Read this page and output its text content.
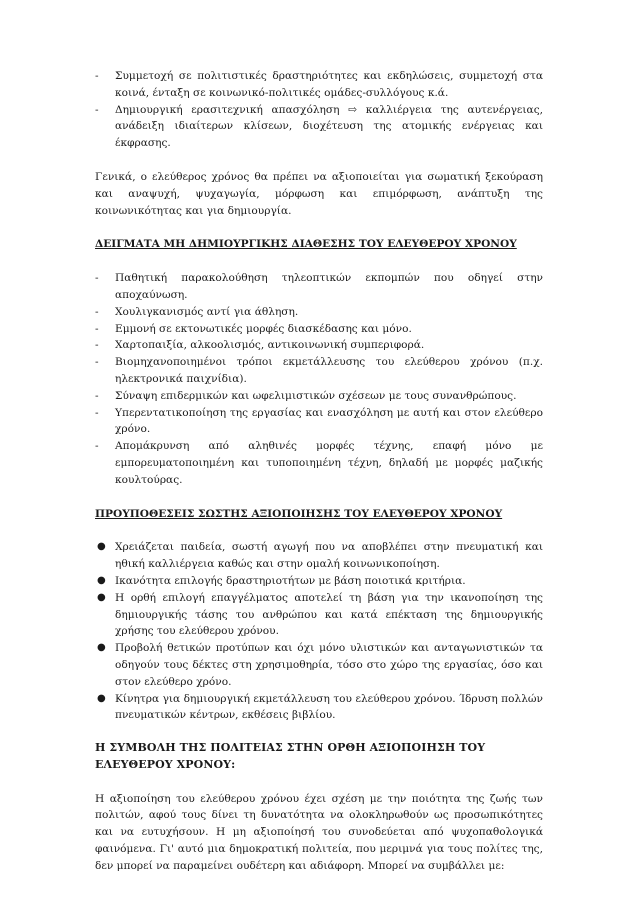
- Συμμετοχή σε πολιτιστικές δραστηριότητες και εκδηλώσεις, συμμετοχή στα κοινά, ένταξη σε κοινωνικό-πολιτικές ομάδες-συλλόγους κ.ά.
- Δημιουργική ερασιτεχνική απασχόληση ⇨ καλλιέργεια της αυτενέργειας, ανάδειξη ιδιαίτερων κλίσεων, διοχέτευση της ατομικής ενέργειας και έκφρασης.

Γενικά, ο ελεύθερος χρόνος θα πρέπει να αξιοποιείται για σωματική ξεκούραση και αναψυχή, ψυχαγωγία, μόρφωση και επιμόρφωση, ανάπτυξη της κοινωνικότητας και για δημιουργία.

ΔΕΙΓΜΑΤΑ ΜΗ ΔΗΜΙΟΥΡΓΙΚΗΣ ΔΙΑΘΕΣΗΣ ΤΟΥ ΕΛΕΥΘΕΡΟΥ ΧΡΟΝΟΥ
- Παθητική παρακολούθηση τηλεοπτικών εκπομπών που οδηγεί στην αποχαύνωση.
- Χουλιγκανισμός αντί για άθληση.
- Εμμονή σε εκτονωτικές μορφές διασκέδασης και μόνο.
- Χαρτοπαιξία, αλκοολισμός, αντικοινωνική συμπεριφορά.
- Βιομηχανοποιημένοι τρόποι εκμετάλλευσης του ελεύθερου χρόνου (π.χ. ηλεκτρονικά παιχνίδια).
- Σύναψη επιδερμικών και ωφελιμιστικών σχέσεων με τους συνανθρώπους.
- Υπερεντατικοποίηση της εργασίας και ενασχόληση με αυτή και στον ελεύθερο χρόνο.
- Απομάκρυνση από αληθινές μορφές τέχνης, επαφή μόνο με εμπορευματοποιημένη και τυποποιημένη τέχνη, δηλαδή με μορφές μαζικής κουλτούρας.
ΠΡΟΥΠΟΘΕΣΕΙΣ ΣΩΣΤΗΣ ΑΞΙΟΠΟΙΗΣΗΣ ΤΟΥ ΕΛΕΥΘΕΡΟΥ ΧΡΟΝΟΥ
● Χρειάζεται παιδεία, σωστή αγωγή που να αποβλέπει στην πνευματική και ηθική καλλιέργεια καθώς και στην ομαλή κοινωνικοποίηση.
● Ικανότητα επιλογής δραστηριοτήτων με βάση ποιοτικά κριτήρια.
● Η ορθή επιλογή επαγγέλματος αποτελεί τη βάση για την ικανοποίηση της δημιουργικής τάσης του ανθρώπου και κατά επέκταση της δημιουργικής χρήσης του ελεύθερου χρόνου.
● Προβολή θετικών προτύπων και όχι μόνο υλιστικών και ανταγωνιστικών τα οδηγούν τους δέκτες στη χρησιμοθηρία, τόσο στο χώρο της εργασίας, όσο και στον ελεύθερο χρόνο.
● Κίνητρα για δημιουργική εκμετάλλευση του ελεύθερου χρόνου. Ίδρυση πολλών πνευματικών κέντρων, εκθέσεις βιβλίου.
Η ΣΥΜΒΟΛΗ ΤΗΣ ΠΟΛΙΤΕΙΑΣ ΣΤΗΝ ΟΡΘΗ ΑΞΙΟΠΟΙΗΣΗ ΤΟΥ ΕΛΕΥΘΕΡΟΥ ΧΡΟΝΟΥ:

Η αξιοποίηση του ελεύθερου χρόνου έχει σχέση με την ποιότητα της ζωής των πολιτών, αφού τους δίνει τη δυνατότητα να ολοκληρωθούν ως προσωπικότητες και να ευτυχήσουν. Η μη αξιοποίησή του συνοδεύεται από ψυχοπαθολογικά φαινόμενα. Γι' αυτό μια δημοκρατική πολιτεία, που μεριμνά για τους πολίτες της, δεν μπορεί να παραμείνει ουδέτερη και αδιάφορη. Μπορεί να συμβάλλει με:
